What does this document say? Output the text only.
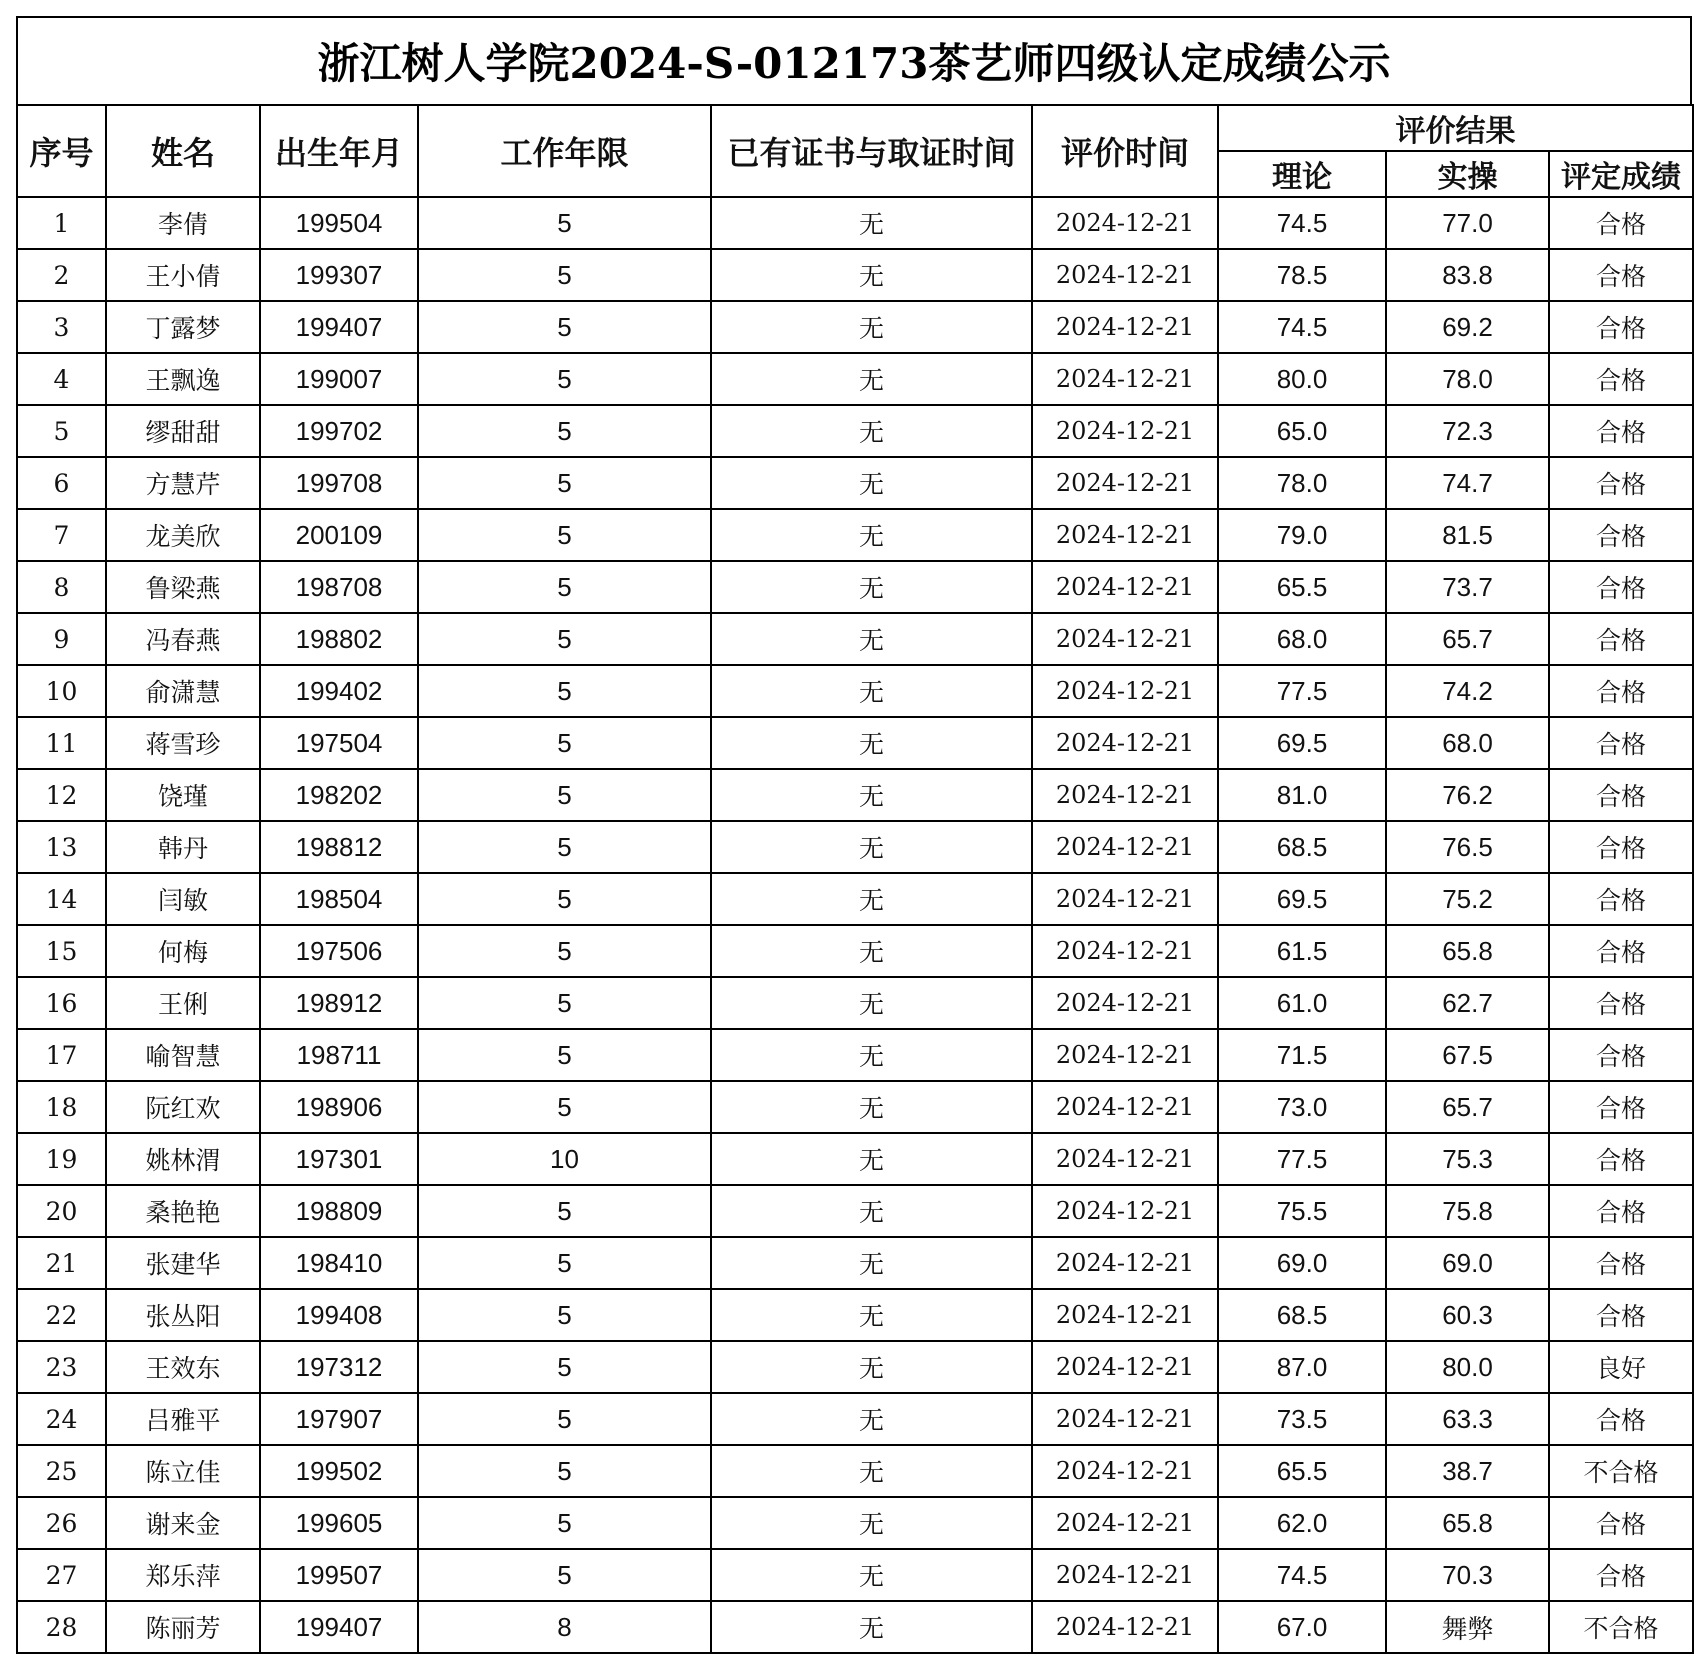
浙江树人学院2024-S-012173茶艺师四级认定成绩公示
序号	姓名	出生年月	工作年限	已有证书与取证时间	评价时间	评价结果		
						理论	实操	评定成绩
1	李倩	199504	5	无	2024-12-21	74.5	77.0	合格
2	王小倩	199307	5	无	2024-12-21	78.5	83.8	合格
3	丁露梦	199407	5	无	2024-12-21	74.5	69.2	合格
4	王飘逸	199007	5	无	2024-12-21	80.0	78.0	合格
5	缪甜甜	199702	5	无	2024-12-21	65.0	72.3	合格
6	方慧芹	199708	5	无	2024-12-21	78.0	74.7	合格
7	龙美欣	200109	5	无	2024-12-21	79.0	81.5	合格
8	鲁梁燕	198708	5	无	2024-12-21	65.5	73.7	合格
9	冯春燕	198802	5	无	2024-12-21	68.0	65.7	合格
10	俞潇慧	199402	5	无	2024-12-21	77.5	74.2	合格
11	蒋雪珍	197504	5	无	2024-12-21	69.5	68.0	合格
12	饶瑾	198202	5	无	2024-12-21	81.0	76.2	合格
13	韩丹	198812	5	无	2024-12-21	68.5	76.5	合格
14	闫敏	198504	5	无	2024-12-21	69.5	75.2	合格
15	何梅	197506	5	无	2024-12-21	61.5	65.8	合格
16	王俐	198912	5	无	2024-12-21	61.0	62.7	合格
17	喻智慧	198711	5	无	2024-12-21	71.5	67.5	合格
18	阮红欢	198906	5	无	2024-12-21	73.0	65.7	合格
19	姚林渭	197301	10	无	2024-12-21	77.5	75.3	合格
20	桑艳艳	198809	5	无	2024-12-21	75.5	75.8	合格
21	张建华	198410	5	无	2024-12-21	69.0	69.0	合格
22	张丛阳	199408	5	无	2024-12-21	68.5	60.3	合格
23	王效东	197312	5	无	2024-12-21	87.0	80.0	良好
24	吕雅平	197907	5	无	2024-12-21	73.5	63.3	合格
25	陈立佳	199502	5	无	2024-12-21	65.5	38.7	不合格
26	谢来金	199605	5	无	2024-12-21	62.0	65.8	合格
27	郑乐萍	199507	5	无	2024-12-21	74.5	70.3	合格
28	陈丽芳	199407	8	无	2024-12-21	67.0	舞弊	不合格
